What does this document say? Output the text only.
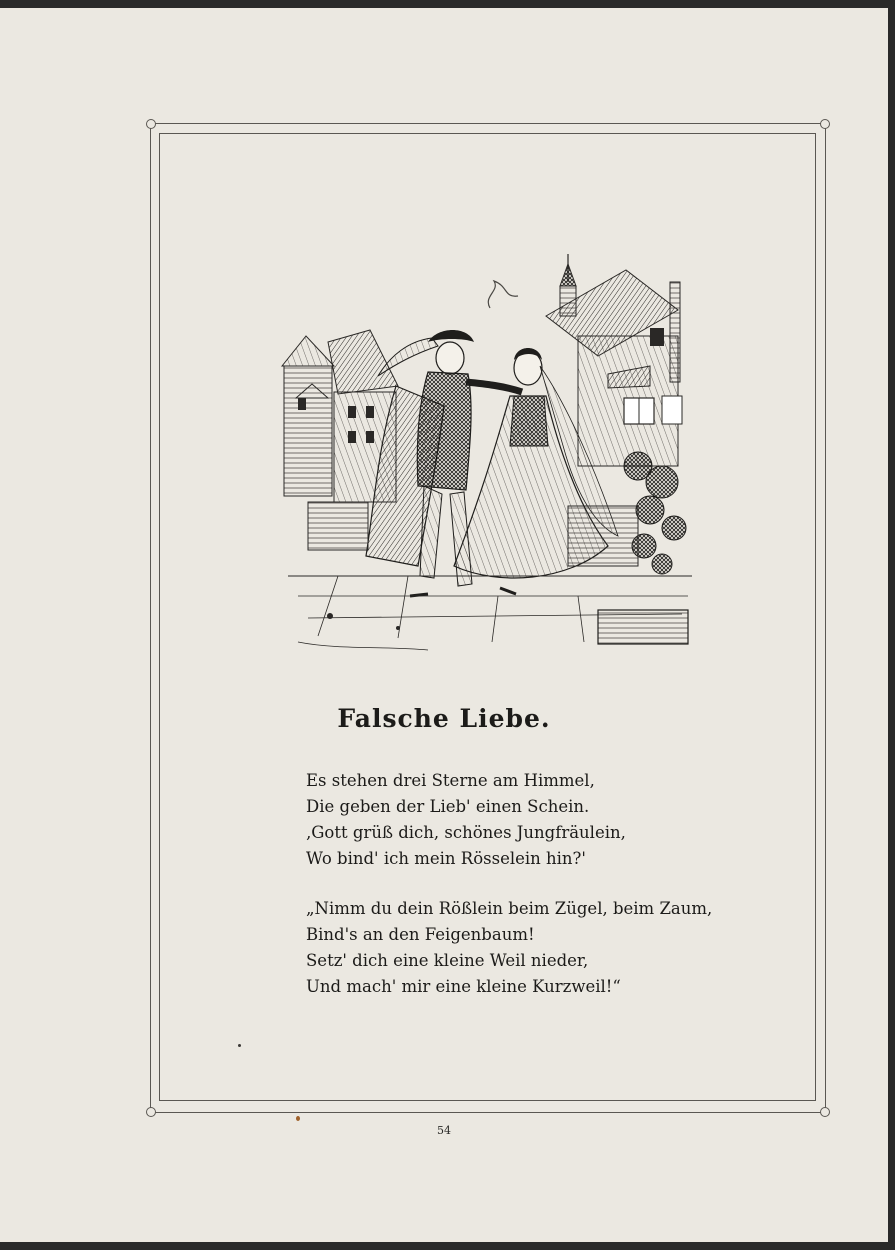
Falsche Liebe.
Es stehen drei Sterne am Himmel,
Die geben der Lieb' einen Schein.
‚Gott grüß dich, schönes Jungfräulein,
Wo bind' ich mein Rösselein hin?'
„Nimm du dein Rößlein beim Zügel, beim Zaum,
Bind's an den Feigenbaum!
Setz' dich eine kleine Weil nieder,
Und mach' mir eine kleine Kurzweil!“
54
